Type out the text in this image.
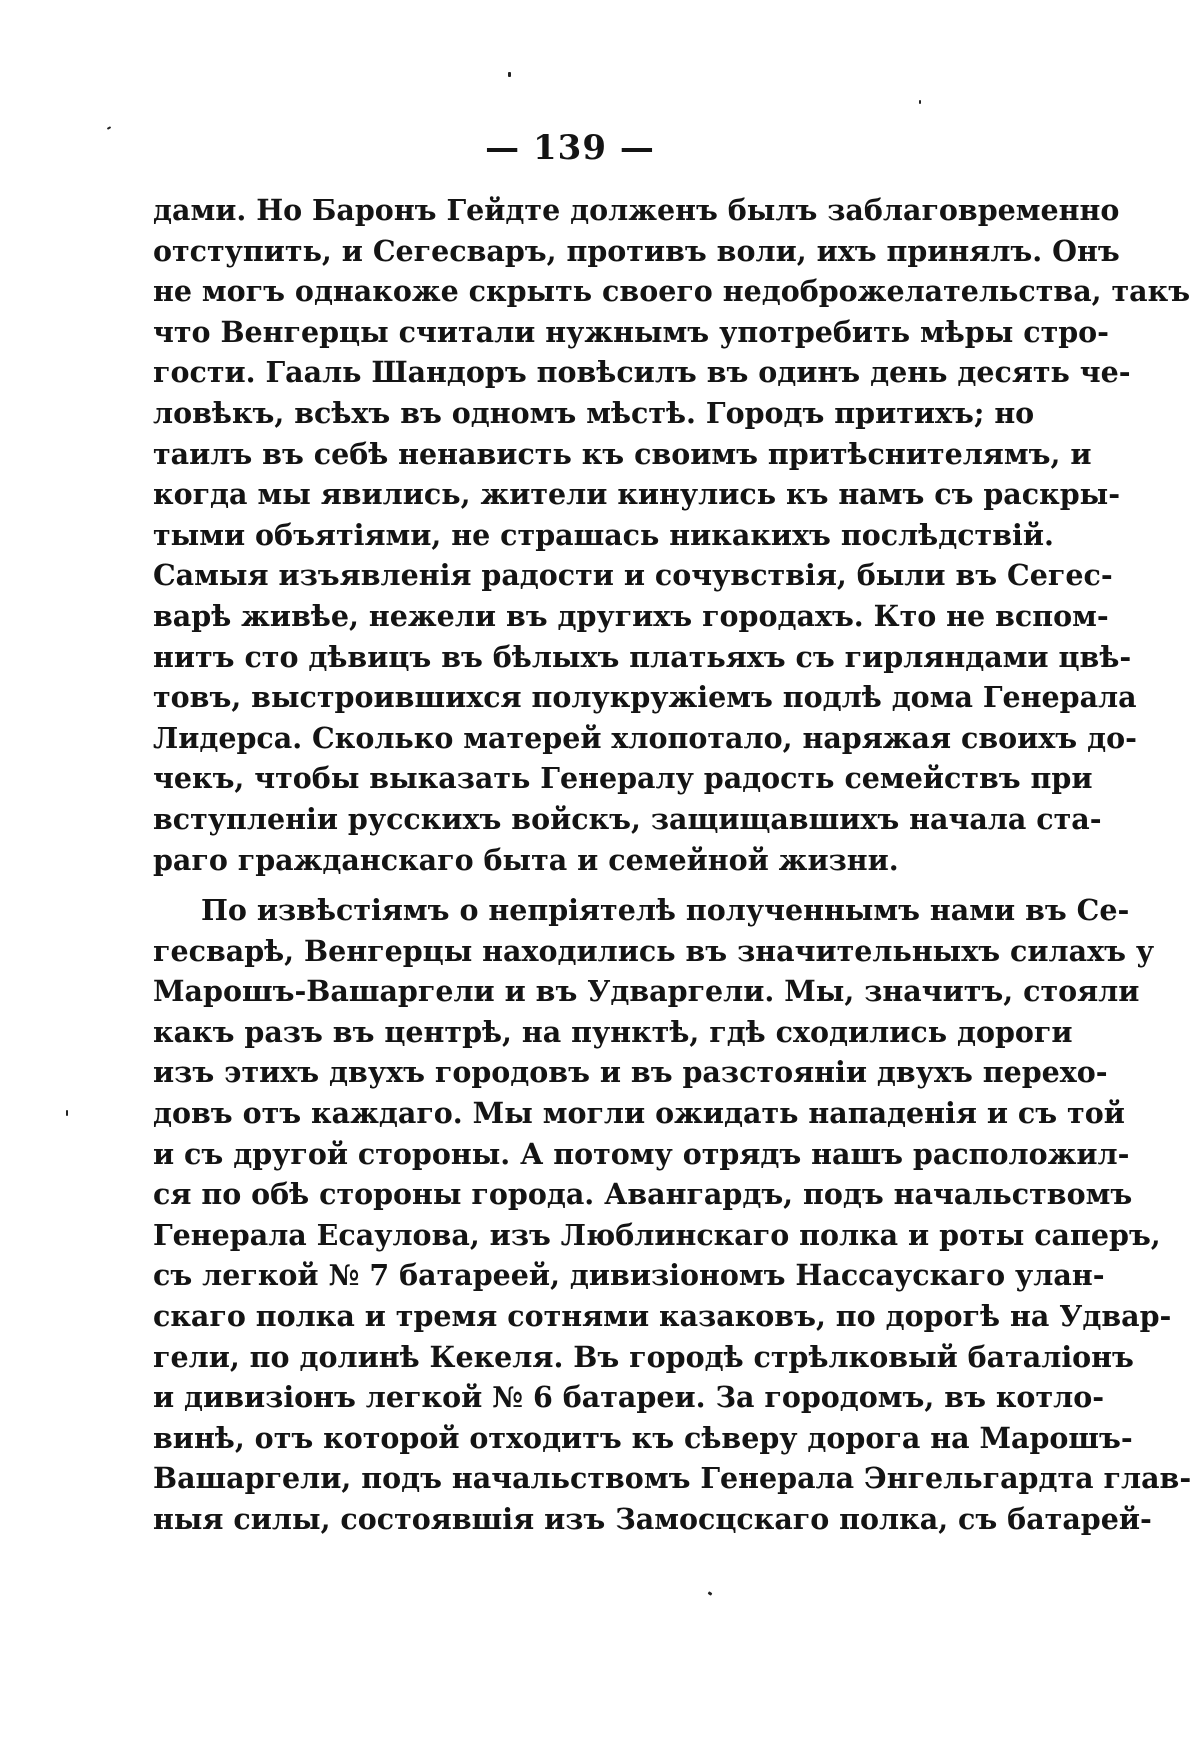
— 139 —
дами. Но Баронъ Гейдте долженъ былъ заблаговременно
отступить, и Сегесваръ, противъ воли, ихъ принялъ. Онъ
не могъ однакоже скрыть своего недоброжелательства, такъ
что Венгерцы считали нужнымъ употребить мѣры стро-
гости. Гааль Шандоръ повѣсилъ въ одинъ день десять че-
ловѣкъ, всѣхъ въ одномъ мѣстѣ. Городъ притихъ; но
таилъ въ себѣ ненависть къ своимъ притѣснителямъ, и
когда мы явились, жители кинулись къ намъ съ раскры-
тыми объятіями, не страшась никакихъ послѣдствій.
Самыя изъявленія радости и сочувствія, были въ Сегес-
варѣ живѣе, нежели въ другихъ городахъ. Кто не вспом-
нитъ сто дѣвицъ въ бѣлыхъ платьяхъ съ гирляндами цвѣ-
товъ, выстроившихся полукружіемъ подлѣ дома Генерала
Лидерса. Сколько матерей хлопотало, наряжая своихъ до-
чекъ, чтобы выказать Генералу радость семействъ при
вступленіи русскихъ войскъ, защищавшихъ начала ста-
раго гражданскаго быта и семейной жизни.
По извѣстіямъ о непріятелѣ полученнымъ нами въ Се-
гесварѣ, Венгерцы находились въ значительныхъ силахъ у
Марошъ-Вашаргели и въ Удваргели. Мы, значитъ, стояли
какъ разъ въ центрѣ, на пунктѣ, гдѣ сходились дороги
изъ этихъ двухъ городовъ и въ разстояніи двухъ перехо-
довъ отъ каждаго. Мы могли ожидать нападенія и съ той
и съ другой стороны. А потому отрядъ нашъ расположил-
ся по обѣ стороны города. Авангардъ, подъ начальствомъ
Генерала Есаулова, изъ Люблинскаго полка и роты саперъ,
съ легкой № 7 батареей, дивизіономъ Нассаускаго улан-
скаго полка и тремя сотнями казаковъ, по дорогѣ на Удвар-
гели, по долинѣ Кекеля. Въ городѣ стрѣлковый баталіонъ
и дивизіонъ легкой № 6 батареи. За городомъ, въ котло-
винѣ, отъ которой отходитъ къ сѣверу дорога на Марошъ-
Вашаргели, подъ начальствомъ Генерала Энгельгардта глав-
ныя силы, состоявшія изъ Замосцскаго полка, съ батарей-
